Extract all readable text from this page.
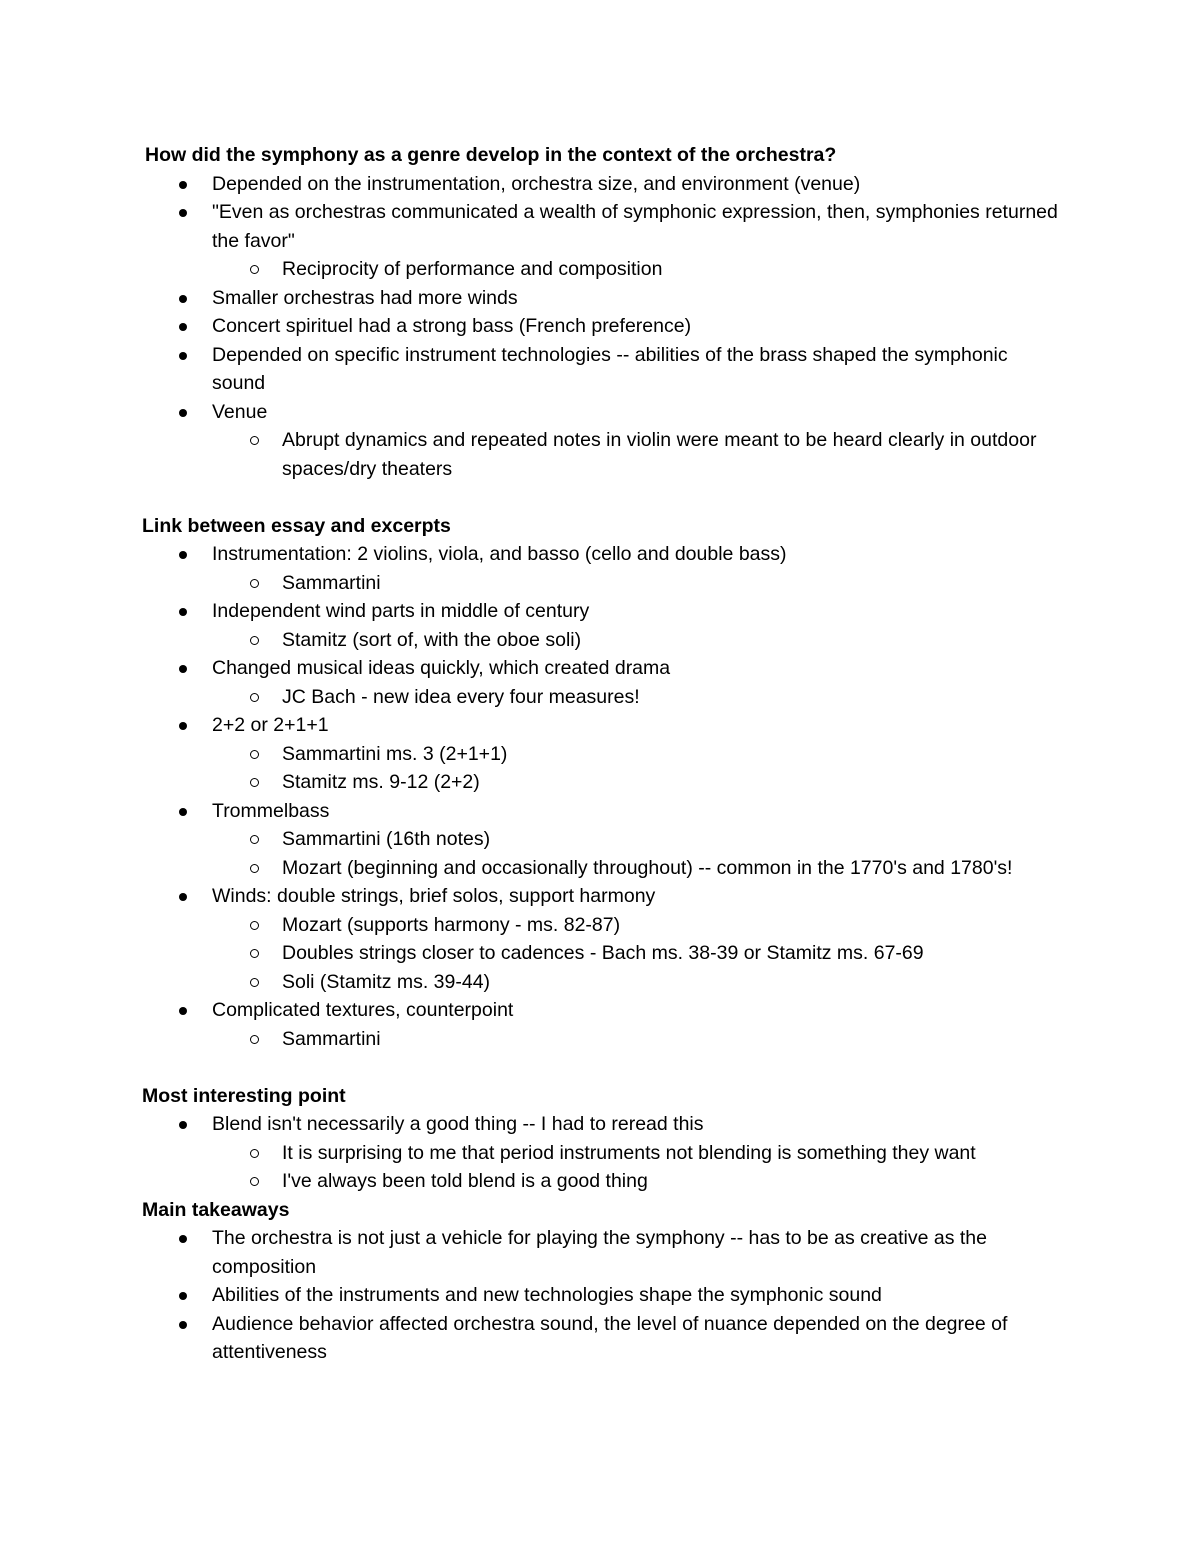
How did the symphony as a genre develop in the context of the orchestra?
Depended on the instrumentation, orchestra size, and environment (venue)
"Even as orchestras communicated a wealth of symphonic expression, then, symphonies returned the favor"
Reciprocity of performance and composition
Smaller orchestras had more winds
Concert spirituel had a strong bass (French preference)
Depended on specific instrument technologies -- abilities of the brass shaped the symphonic sound
Venue
Abrupt dynamics and repeated notes in violin were meant to be heard clearly in outdoor spaces/dry theaters
Link between essay and excerpts
Instrumentation: 2 violins, viola, and basso (cello and double bass)
Sammartini
Independent wind parts in middle of century
Stamitz (sort of, with the oboe soli)
Changed musical ideas quickly, which created drama
JC Bach - new idea every four measures!
2+2 or 2+1+1
Sammartini ms. 3 (2+1+1)
Stamitz ms. 9-12 (2+2)
Trommelbass
Sammartini (16th notes)
Mozart (beginning and occasionally throughout) -- common in the 1770's and 1780's!
Winds: double strings, brief solos, support harmony
Mozart (supports harmony - ms. 82-87)
Doubles strings closer to cadences - Bach ms. 38-39 or Stamitz ms. 67-69
Soli (Stamitz ms. 39-44)
Complicated textures, counterpoint
Sammartini
Most interesting point
Blend isn't necessarily a good thing -- I had to reread this
It is surprising to me that period instruments not blending is something they want
I've always been told blend is a good thing
Main takeaways
The orchestra is not just a vehicle for playing the symphony -- has to be as creative as the composition
Abilities of the instruments and new technologies shape the symphonic sound
Audience behavior affected orchestra sound, the level of nuance depended on the degree of attentiveness
